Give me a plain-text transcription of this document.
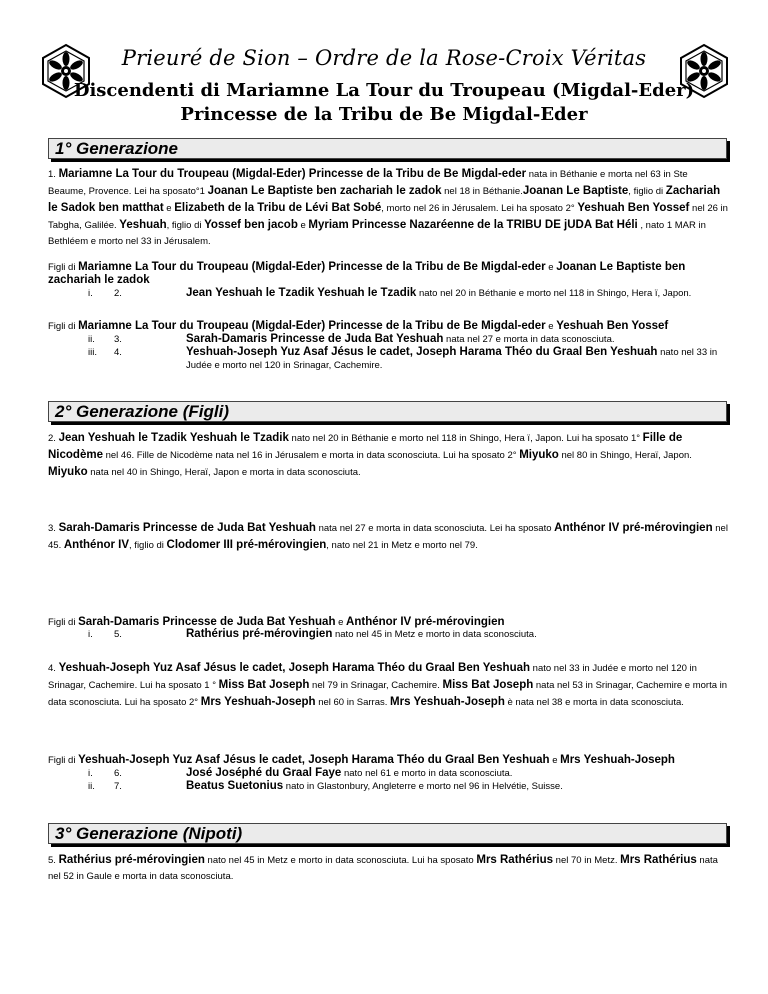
Prieuré de Sion – Ordre de la Rose-Croix Véritas
Discendenti di Mariamne La Tour du Troupeau (Migdal-Eder)
Princesse de la Tribu de Be Migdal-Eder
1° Generazione
1. Mariamne La Tour du Troupeau (Migdal-Eder) Princesse de la Tribu de Be Migdal-eder nata in Béthanie e morta nel 63 in Ste Beaume, Provence. Lei ha sposato°1 Joanan Le Baptiste ben zachariah le zadok nel 18 in Béthanie.Joanan Le Baptiste, figlio di Zachariah le Sadok ben matthat e Elizabeth de la Tribu de Lévi Bat Sobé, morto nel 26 in Jérusalem. Lei ha sposato 2° Yeshuah Ben Yossef nel 26 in Tabgha, Galilée. Yeshuah, figlio di Yossef ben jacob e Myriam Princesse Nazaréenne de la TRIBU DE jUDA Bat Héli , nato 1 MAR in Bethléem e morto nel 33 in Jérusalem.
Figli di Mariamne La Tour du Troupeau (Migdal-Eder) Princesse de la Tribu de Be Migdal-eder e Joanan Le Baptiste ben zachariah le zadok
i.	2.	Jean Yeshuah le Tzadik Yeshuah le Tzadik nato nel 20 in Béthanie e morto nel 118 in Shingo, Hera ï, Japon.
Figli di Mariamne La Tour du Troupeau (Migdal-Eder) Princesse de la Tribu de Be Migdal-eder e Yeshuah Ben Yossef
ii.	3.	Sarah-Damaris Princesse de Juda Bat Yeshuah nata nel 27 e morta in data sconosciuta.
iii.	4.	Yeshuah-Joseph Yuz Asaf Jésus le cadet, Joseph Harama Théo du Graal Ben Yeshuah nato nel 33 in Judée e morto nel 120 in Srinagar, Cachemire.
2° Generazione (Figli)
2. Jean Yeshuah le Tzadik Yeshuah le Tzadik nato nel 20 in Béthanie e morto nel 118 in Shingo, Hera ï, Japon. Lui ha sposato 1° Fille de Nicodème nel 46. Fille de Nicodème nata nel 16 in Jérusalem e morta in data sconosciuta. Lui ha sposato 2° Miyuko nel 80 in Shingo, Heraï, Japon. Miyuko nata nel 40 in Shingo, Heraï, Japon e morta in data sconosciuta.
3. Sarah-Damaris Princesse de Juda Bat Yeshuah nata nel 27 e morta in data sconosciuta. Lei ha sposato Anthénor IV pré-mérovingien nel 45. Anthénor IV, figlio di Clodomer III pré-mérovingien, nato nel 21 in Metz e morto nel 79.
Figli di Sarah-Damaris Princesse de Juda Bat Yeshuah e Anthénor IV pré-mérovingien
i.	5.	Rathérius pré-mérovingien nato nel 45 in Metz e morto in data sconosciuta.
4. Yeshuah-Joseph Yuz Asaf Jésus le cadet, Joseph Harama Théo du Graal Ben Yeshuah nato nel 33 in Judée e morto nel 120 in Srinagar, Cachemire. Lui ha sposato 1 ° Miss Bat Joseph nel 79 in Srinagar, Cachemire. Miss Bat Joseph nata nel 53 in Srinagar, Cachemire e morta in data sconosciuta. Lui ha sposato 2° Mrs Yeshuah-Joseph nel 60 in Sarras. Mrs Yeshuah-Joseph è nata nel 38 e morta in data sconosciuta.
Figli di Yeshuah-Joseph Yuz Asaf Jésus le cadet, Joseph Harama Théo du Graal Ben Yeshuah e Mrs Yeshuah-Joseph
i.	6.	José Joséphé du Graal Faye nato nel 61 e morto in data sconosciuta.
ii.	7.	Beatus Suetonius nato in Glastonbury, Angleterre e morto nel 96 in Helvétie, Suisse.
3° Generazione (Nipoti)
5. Rathérius pré-mérovingien nato nel 45 in Metz e morto in data sconosciuta. Lui ha sposato Mrs Rathérius nel 70 in Metz. Mrs Rathérius nata nel 52 in Gaule e morta in data sconosciuta.
